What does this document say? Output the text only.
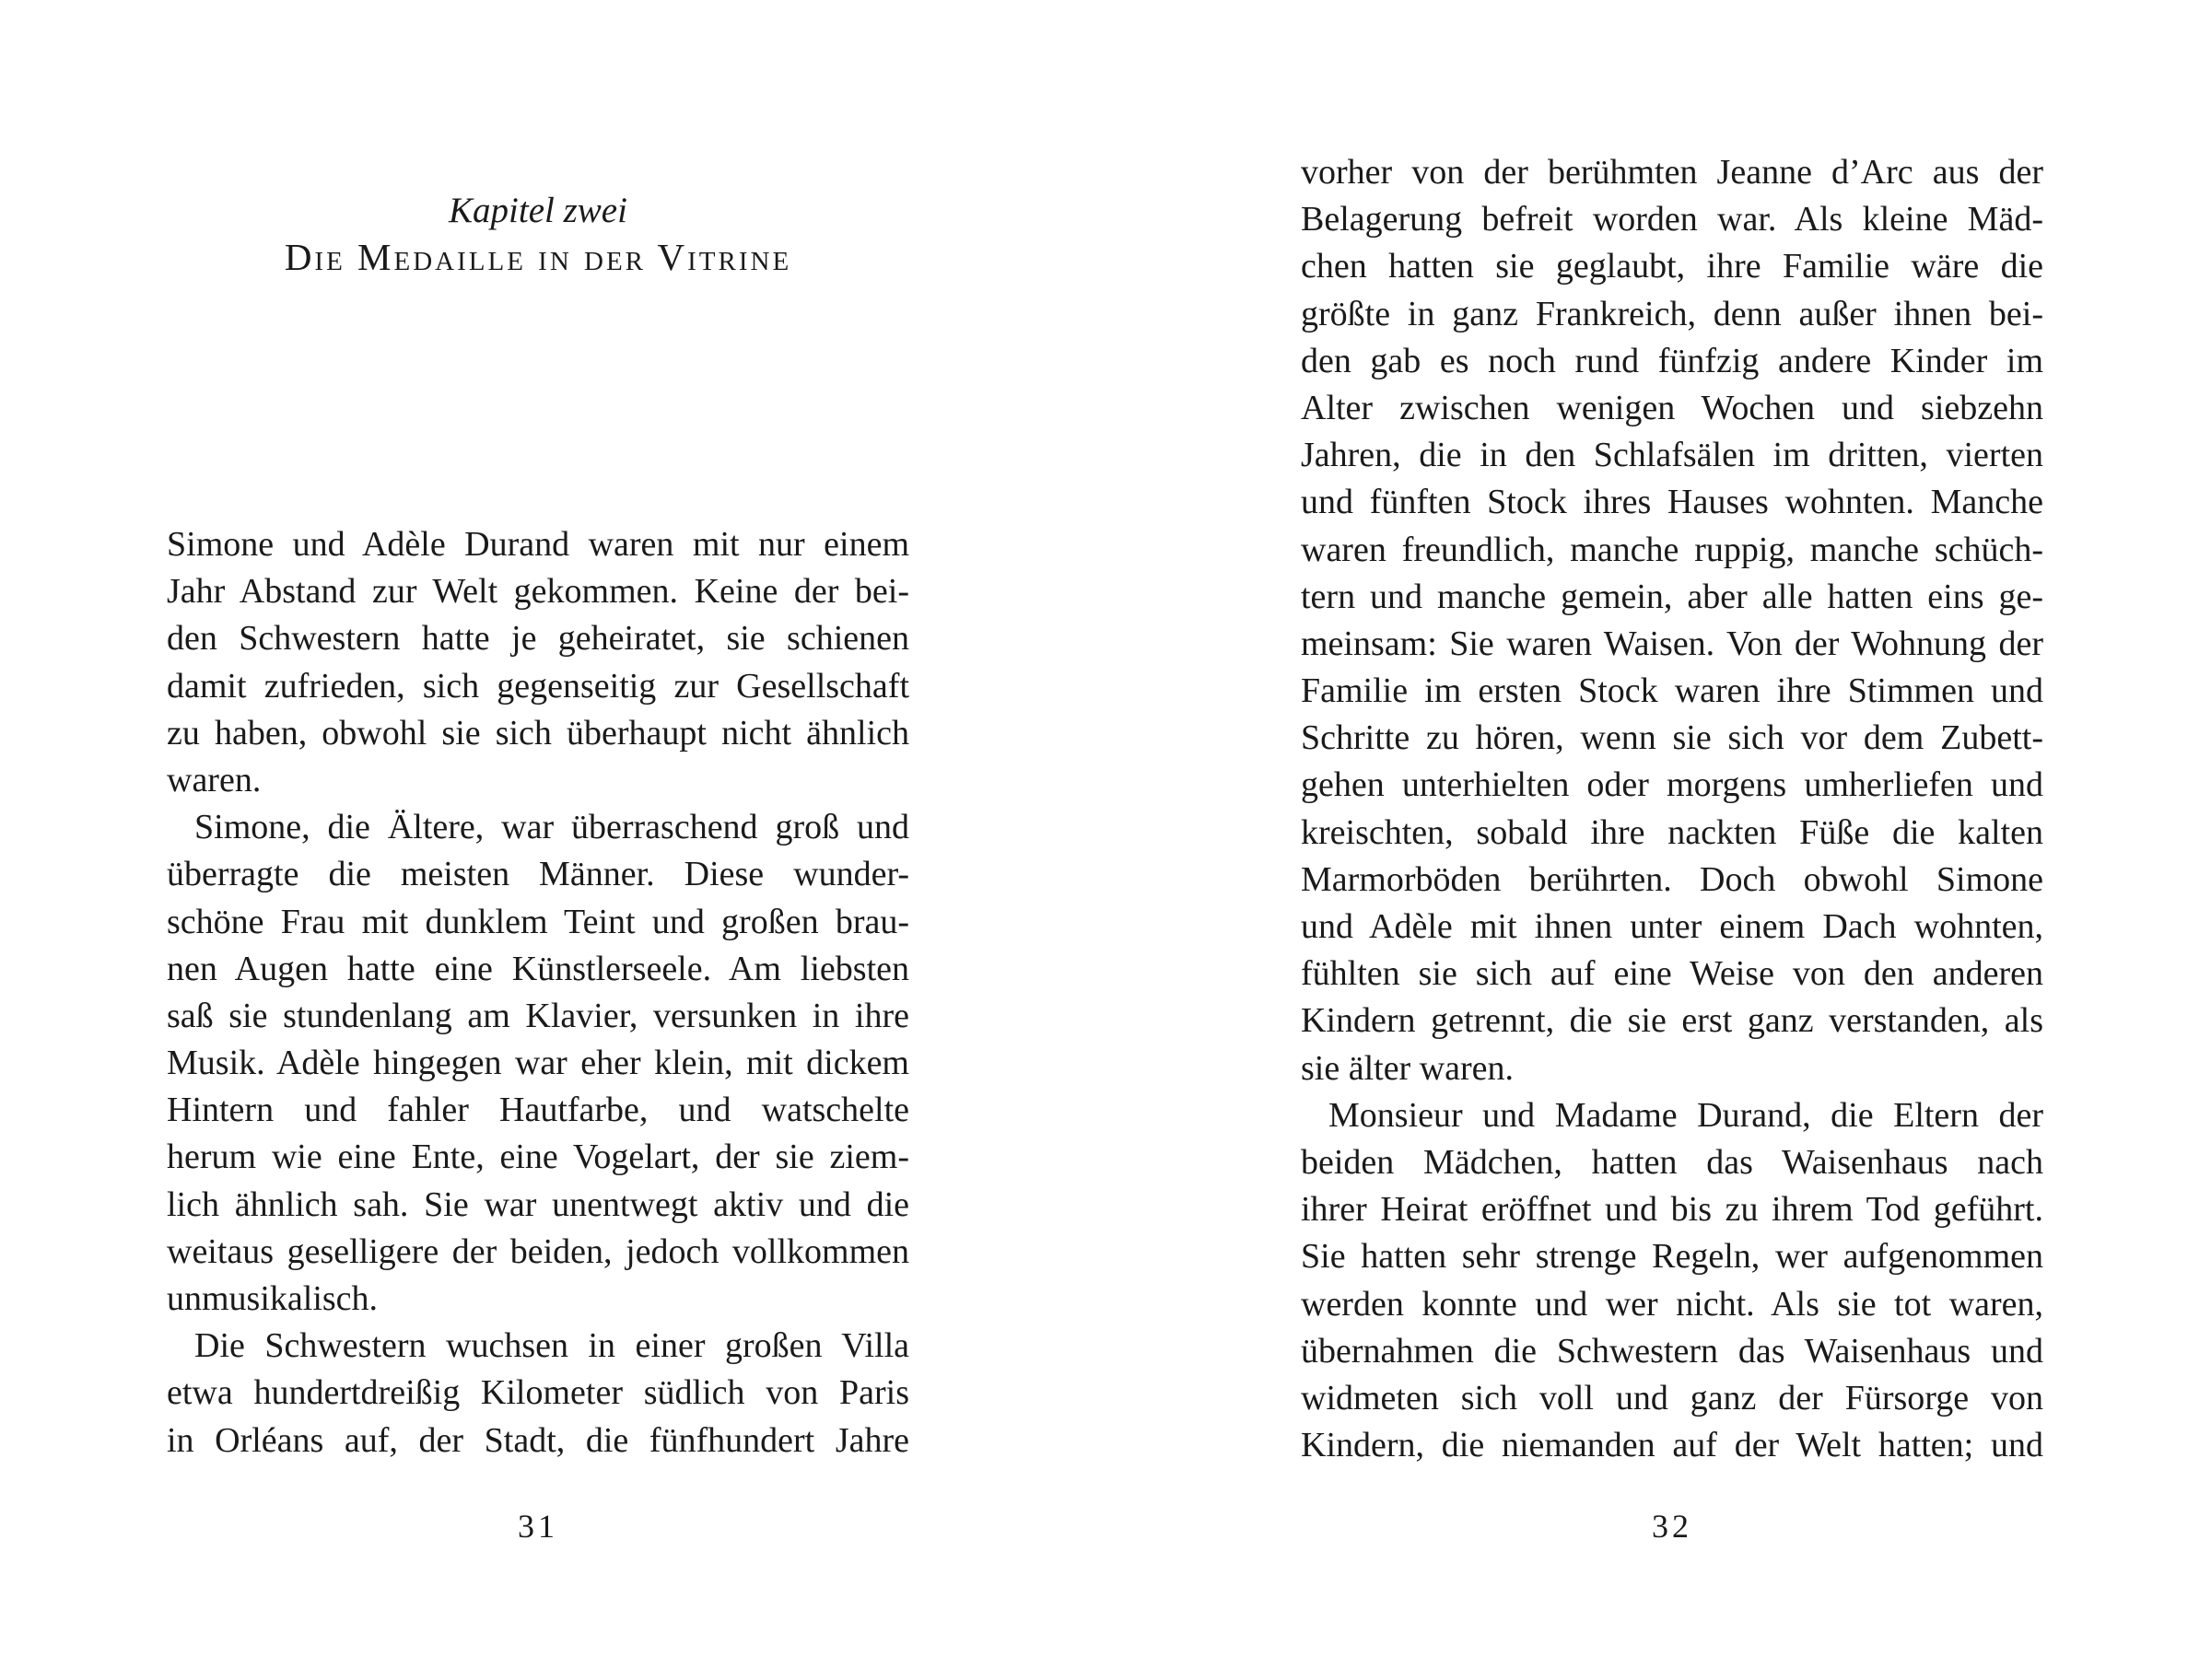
Kapitel zwei
Die Medaille in der Vitrine
Simone und Adèle Durand waren mit nur einem
Jahr Abstand zur Welt gekommen. Keine der bei-
den Schwestern hatte je geheiratet, sie schienen
damit zufrieden, sich gegenseitig zur Gesellschaft
zu haben, obwohl sie sich überhaupt nicht ähnlich
waren.
Simone, die Ältere, war überraschend groß und
überragte die meisten Männer. Diese wunder-
schöne Frau mit dunklem Teint und großen brau-
nen Augen hatte eine Künstlerseele. Am liebsten
saß sie stundenlang am Klavier, versunken in ihre
Musik. Adèle hingegen war eher klein, mit dickem
Hintern und fahler Hautfarbe, und watschelte
herum wie eine Ente, eine Vogelart, der sie ziem-
lich ähnlich sah. Sie war unentwegt aktiv und die
weitaus geselligere der beiden, jedoch vollkommen
unmusikalisch.
Die Schwestern wuchsen in einer großen Villa
etwa hundertdreißig Kilometer südlich von Paris
in Orléans auf, der Stadt, die fünfhundert Jahre
vorher von der berühmten Jeanne d’Arc aus der
Belagerung befreit worden war. Als kleine Mäd-
chen hatten sie geglaubt, ihre Familie wäre die
größte in ganz Frankreich, denn außer ihnen bei-
den gab es noch rund fünfzig andere Kinder im
Alter zwischen wenigen Wochen und siebzehn
Jahren, die in den Schlafsälen im dritten, vierten
und fünften Stock ihres Hauses wohnten. Manche
waren freundlich, manche ruppig, manche schüch-
tern und manche gemein, aber alle hatten eins ge-
meinsam: Sie waren Waisen. Von der Wohnung der
Familie im ersten Stock waren ihre Stimmen und
Schritte zu hören, wenn sie sich vor dem Zubett-
gehen unterhielten oder morgens umherliefen und
kreischten, sobald ihre nackten Füße die kalten
Marmorböden berührten. Doch obwohl Simone
und Adèle mit ihnen unter einem Dach wohnten,
fühlten sie sich auf eine Weise von den anderen
Kindern getrennt, die sie erst ganz verstanden, als
sie älter waren.
Monsieur und Madame Durand, die Eltern der
beiden Mädchen, hatten das Waisenhaus nach
ihrer Heirat eröffnet und bis zu ihrem Tod geführt.
Sie hatten sehr strenge Regeln, wer aufgenommen
werden konnte und wer nicht. Als sie tot waren,
übernahmen die Schwestern das Waisenhaus und
widmeten sich voll und ganz der Fürsorge von
Kindern, die niemanden auf der Welt hatten; und
31	32
